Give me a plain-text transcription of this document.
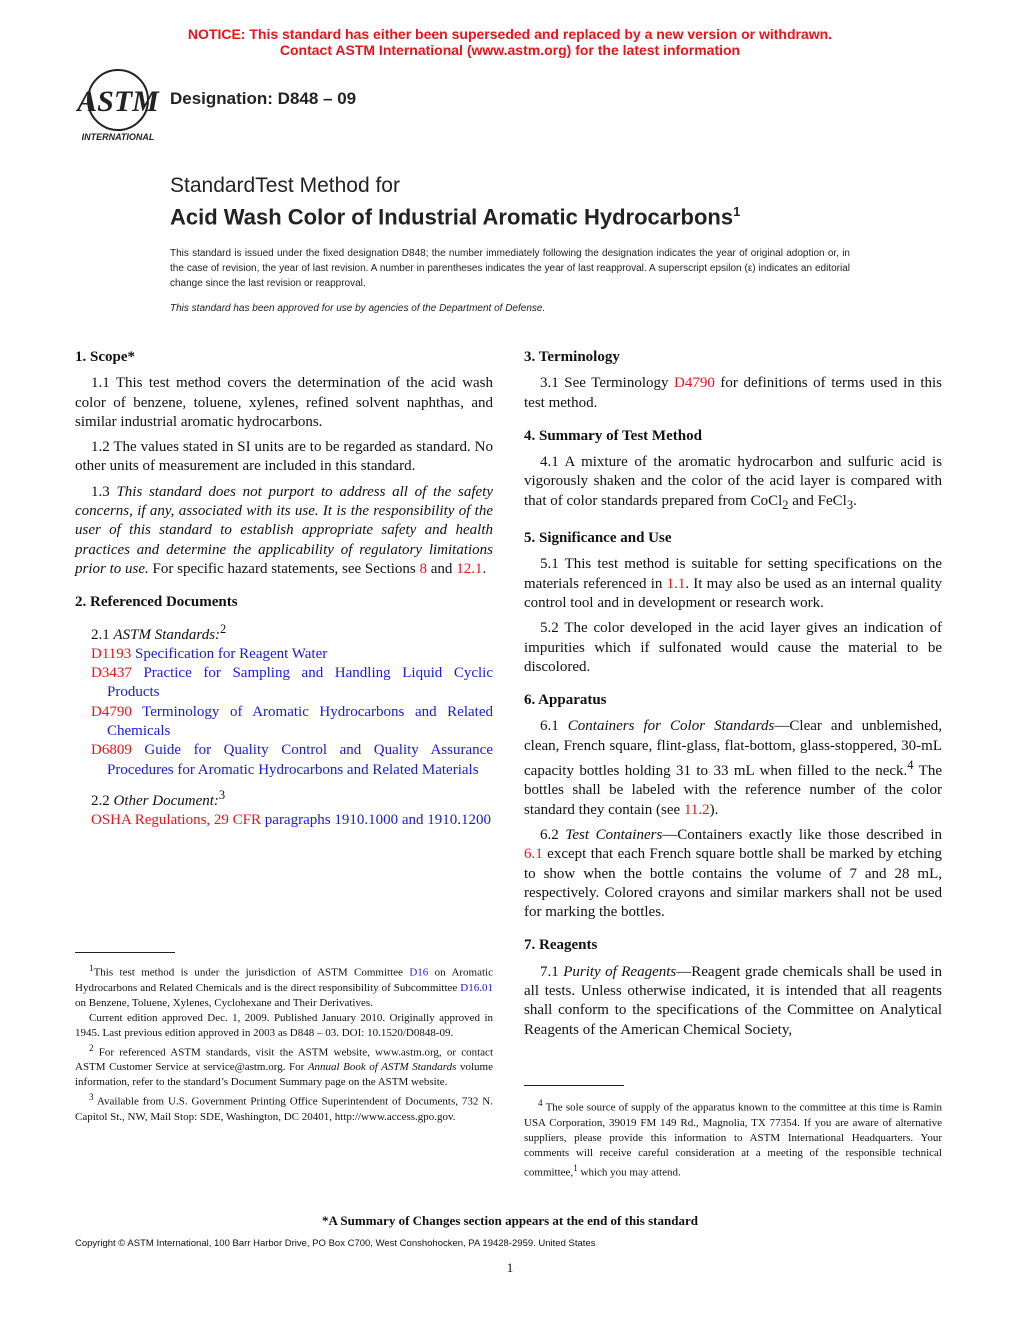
NOTICE: This standard has either been superseded and replaced by a new version or withdrawn.
Contact ASTM International (www.astm.org) for the latest information
ASTM
INTERNATIONAL
Designation: D848 – 09
StandardTest Method for
Acid Wash Color of Industrial Aromatic Hydrocarbons$^1$
This standard is issued under the fixed designation D848; the number immediately following the designation indicates the year of original adoption or, in the case of revision, the year of last revision. A number in parentheses indicates the year of last reapproval. A superscript epsilon (ε) indicates an editorial change since the last revision or reapproval.
This standard has been approved for use by agencies of the Department of Defense.
1. Scope*

1.1 This test method covers the determination of the acid wash color of benzene, toluene, xylenes, refined solvent naphthas, and similar industrial aromatic hydrocarbons.

1.2 The values stated in SI units are to be regarded as standard. No other units of measurement are included in this standard.

1.3 This standard does not purport to address all of the safety concerns, if any, associated with its use. It is the responsibility of the user of this standard to establish appropriate safety and health practices and determine the applicability of regulatory limitations prior to use. For specific hazard statements, see Sections 8 and 12.1.

2. Referenced Documents

2.1 ASTM Standards:$^2$

D1193 Specification for Reagent Water
D3437 Practice for Sampling and Handling Liquid Cyclic Products
D4790 Terminology of Aromatic Hydrocarbons and Related Chemicals
D6809 Guide for Quality Control and Quality Assurance Procedures for Aromatic Hydrocarbons and Related Materials

2.2 Other Document:$^3$

OSHA Regulations, 29 CFR paragraphs 1910.1000 and 1910.1200
3. Terminology

3.1 See Terminology D4790 for definitions of terms used in this test method.

4. Summary of Test Method

4.1 A mixture of the aromatic hydrocarbon and sulfuric acid is vigorously shaken and the color of the acid layer is compared with that of color standards prepared from CoCl$_2$ and FeCl$_3$.

5. Significance and Use

5.1 This test method is suitable for setting specifications on the materials referenced in 1.1. It may also be used as an internal quality control tool and in development or research work.

5.2 The color developed in the acid layer gives an indication of impurities which if sulfonated would cause the material to be discolored.

6. Apparatus

6.1 Containers for Color Standards—Clear and unblemished, clean, French square, flint-glass, flat-bottom, glass-stoppered, 30-mL capacity bottles holding 31 to 33 mL when filled to the neck.$^4$ The bottles shall be labeled with the reference number of the color standard they contain (see 11.2).

6.2 Test Containers—Containers exactly like those described in 6.1 except that each French square bottle shall be marked by etching to show when the bottle contains the volume of 7 and 28 mL, respectively. Colored crayons and similar markers shall not be used for marking the bottles.

7. Reagents

7.1 Purity of Reagents—Reagent grade chemicals shall be used in all tests. Unless otherwise indicated, it is intended that all reagents shall conform to the specifications of the Committee on Analytical Reagents of the American Chemical Society,

$^1$This test method is under the jurisdiction of ASTM Committee D16 on Aromatic Hydrocarbons and Related Chemicals and is the direct responsibility of Subcommittee D16.01 on Benzene, Toluene, Xylenes, Cyclohexane and Their Derivatives.

Current edition approved Dec. 1, 2009. Published January 2010. Originally approved in 1945. Last previous edition approved in 2003 as D848 – 03. DOI: 10.1520/D0848-09.

$^2$ For referenced ASTM standards, visit the ASTM website, www.astm.org, or contact ASTM Customer Service at service@astm.org. For Annual Book of ASTM Standards volume information, refer to the standard’s Document Summary page on the ASTM website.

$^3$ Available from U.S. Government Printing Office Superintendent of Documents, 732 N. Capitol St., NW, Mail Stop: SDE, Washington, DC 20401, http://www.access.gpo.gov.

$^4$ The sole source of supply of the apparatus known to the committee at this time is Ramin USA Corporation, 39019 FM 149 Rd., Magnolia, TX 77354. If you are aware of alternative suppliers, please provide this information to ASTM International Headquarters. Your comments will receive careful consideration at a meeting of the responsible technical committee,$^1$ which you may attend.

*A Summary of Changes section appears at the end of this standard
Copyright © ASTM International, 100 Barr Harbor Drive, PO Box C700, West Conshohocken, PA 19428-2959. United States
1
